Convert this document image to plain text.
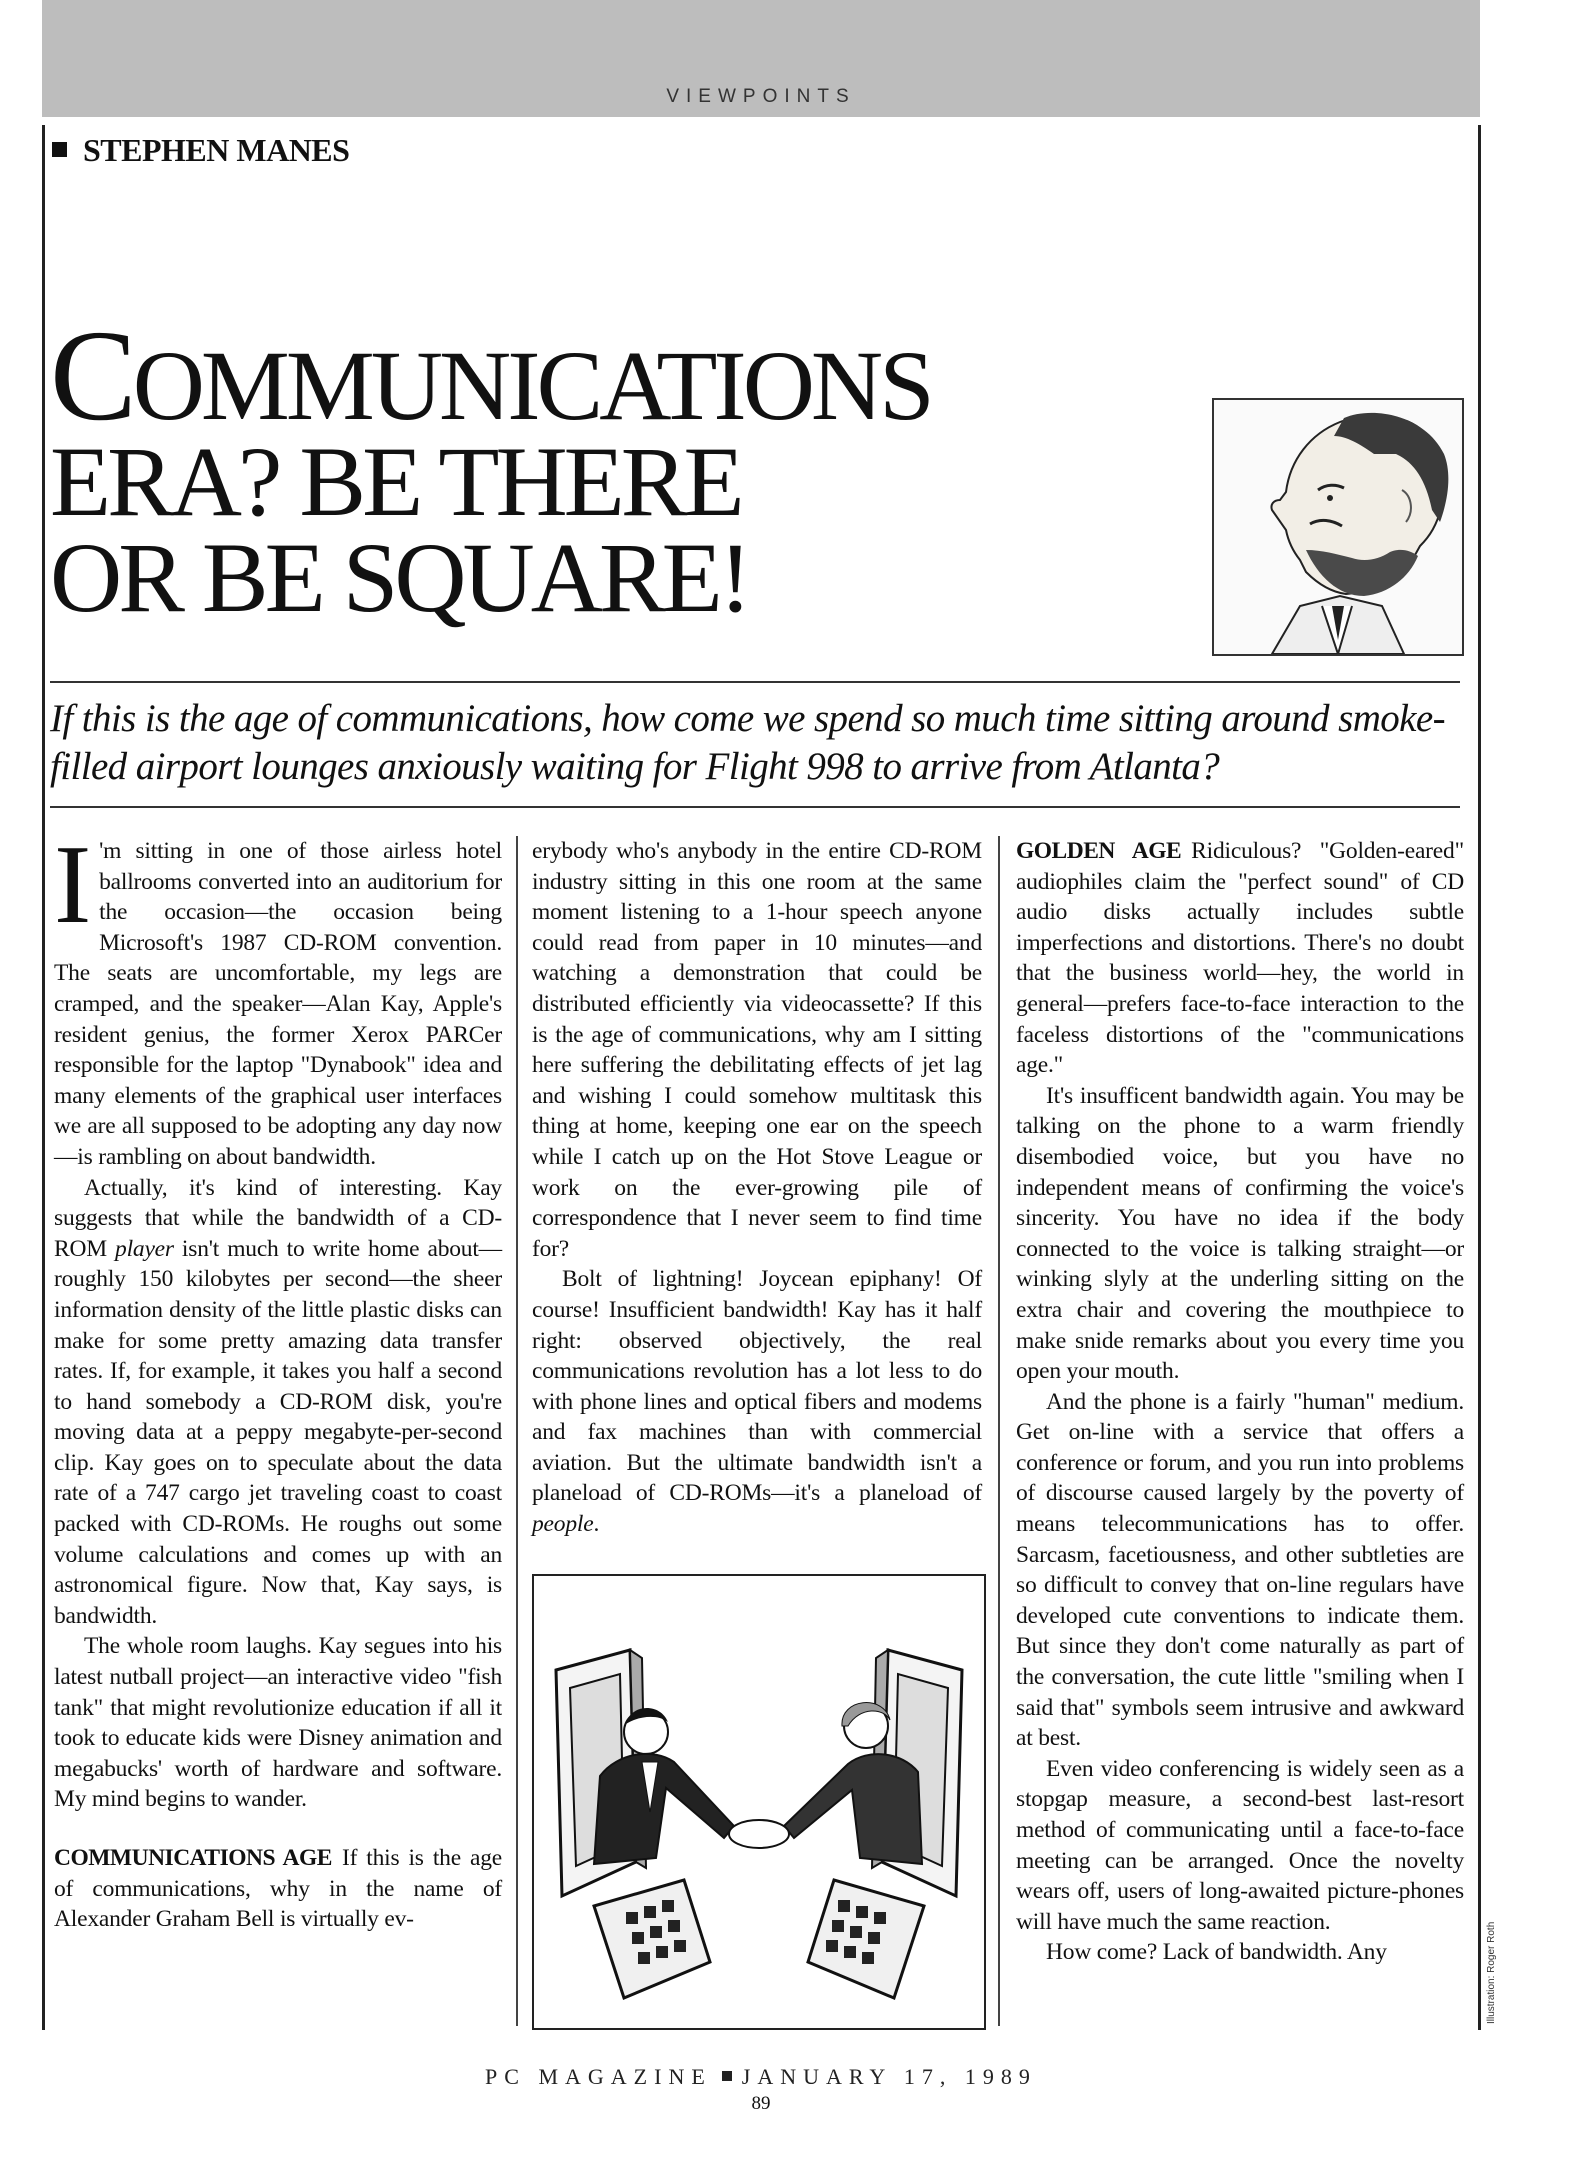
VIEWPOINTS
STEPHEN MANES
COMMUNICATIONS
ERA? BE THERE
OR BE SQUARE!

If this is the age of communications, how come we spend so much time sitting around smoke-filled airport lounges anxiously waiting for Flight 998 to arrive from Atlanta?

I 'm sitting in one of those airless hotel ballrooms converted into an auditorium for the occasion—the occasion being Microsoft's 1987 CD-ROM convention. The seats are uncomfortable, my legs are cramped, and the speaker—Alan Kay, Apple's resident genius, the former Xerox PARCer responsible for the laptop "Dynabook" idea and many elements of the graphical user interfaces we are all supposed to be adopting any day now—is rambling on about bandwidth.

Actually, it's kind of interesting. Kay suggests that while the bandwidth of a CD-ROM player isn't much to write home about—roughly 150 kilobytes per second—the sheer information density of the little plastic disks can make for some pretty amazing data transfer rates. If, for example, it takes you half a second to hand somebody a CD-ROM disk, you're moving data at a peppy megabyte-per-second clip. Kay goes on to speculate about the data rate of a 747 cargo jet traveling coast to coast packed with CD-ROMs. He roughs out some volume calculations and comes up with an astronomical figure. Now that, Kay says, is bandwidth.

The whole room laughs. Kay segues into his latest nutball project—an interactive video "fish tank" that might revolutionize education if all it took to educate kids were Disney animation and megabucks' worth of hardware and software. My mind begins to wander.

COMMUNICATIONS AGE If this is the age of communications, why in the name of Alexander Graham Bell is virtually ev-

erybody who's anybody in the entire CD-ROM industry sitting in this one room at the same moment listening to a 1-hour speech anyone could read from paper in 10 minutes—and watching a demonstration that could be distributed efficiently via videocassette? If this is the age of communications, why am I sitting here suffering the debilitating effects of jet lag and wishing I could somehow multitask this thing at home, keeping one ear on the speech while I catch up on the Hot Stove League or work on the ever-growing pile of correspondence that I never seem to find time for?

Bolt of lightning! Joycean epiphany! Of course! Insufficient bandwidth! Kay has it half right: observed objectively, the real communications revolution has a lot less to do with phone lines and optical fibers and modems and fax machines than with commercial aviation. But the ultimate bandwidth isn't a planeload of CD-ROMs—it's a planeload of people.

GOLDEN AGE Ridiculous? "Golden-eared" audiophiles claim the "perfect sound" of CD audio disks actually includes subtle imperfections and distortions. There's no doubt that the business world—hey, the world in general—prefers face-to-face interaction to the faceless distortions of the "communications age."

It's insufficent bandwidth again. You may be talking on the phone to a warm friendly disembodied voice, but you have no independent means of confirming the voice's sincerity. You have no idea if the body connected to the voice is talking straight—or winking slyly at the underling sitting on the extra chair and covering the mouthpiece to make snide remarks about you every time you open your mouth.

And the phone is a fairly "human" medium. Get on-line with a service that offers a conference or forum, and you run into problems of discourse caused largely by the poverty of means telecommunications has to offer. Sarcasm, facetiousness, and other subtleties are so difficult to convey that on-line regulars have developed cute conventions to indicate them. But since they don't come naturally as part of the conversation, the cute little "smiling when I said that" symbols seem intrusive and awkward at best.

Even video conferencing is widely seen as a stopgap measure, a second-best last-resort method of communicating until a face-to-face meeting can be arranged. Once the novelty wears off, users of long-awaited picture-phones will have much the same reaction.

How come? Lack of bandwidth. Any	Illustration: Roger Roth
PC MAGAZINE JANUARY 17, 1989
89
